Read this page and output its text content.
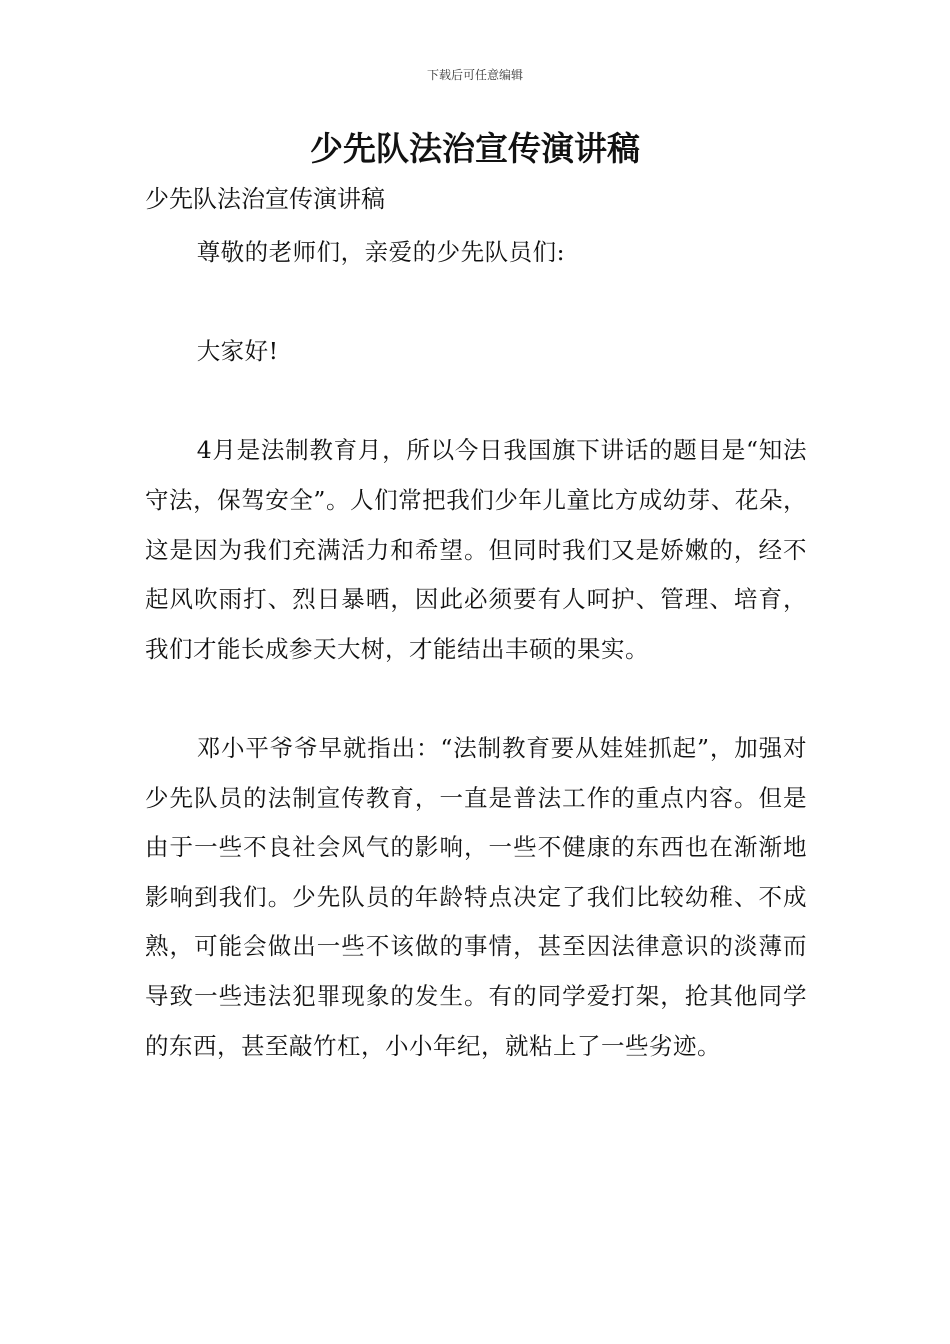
下载后可任意编辑
少先队法治宣传演讲稿

少先队法治宣传演讲稿

尊敬的老师们，亲爱的少先队员们:

大家好!

4月是法制教育月，所以今日我国旗下讲话的题目是“知法守法，保驾安全”。人们常把我们少年儿童比方成幼芽、花朵，这是因为我们充满活力和希望。但同时我们又是娇嫩的，经不起风吹雨打、烈日暴晒，因此必须要有人呵护、管理、培育，我们才能长成参天大树，才能结出丰硕的果实。

邓小平爷爷早就指出：“法制教育要从娃娃抓起”，加强对少先队员的法制宣传教育，一直是普法工作的重点内容。但是由于一些不良社会风气的影响，一些不健康的东西也在渐渐地影响到我们。少先队员的年龄特点决定了我们比较幼稚、不成熟，可能会做出一些不该做的事情，甚至因法律意识的淡薄而导致一些违法犯罪现象的发生。有的同学爱打架，抢其他同学的东西，甚至敲竹杠，小小年纪，就粘上了一些劣迹。
